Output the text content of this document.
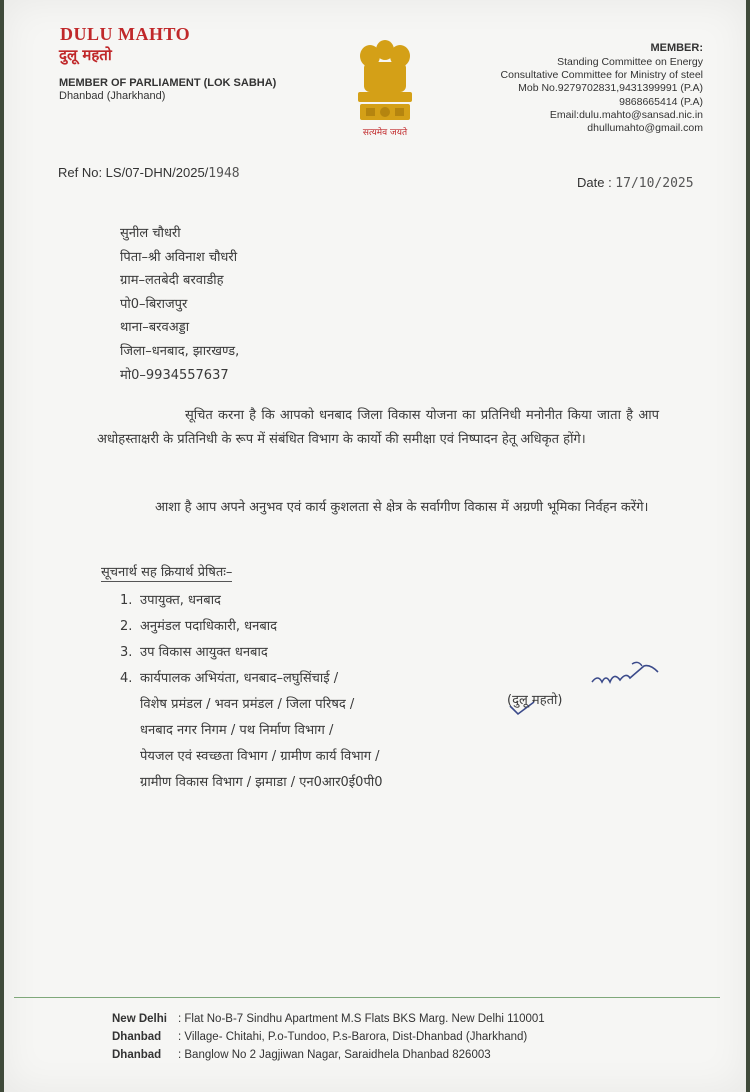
DULU MAHTO
दुलू महतो
MEMBER OF PARLIAMENT (LOK SABHA)
Dhanbad (Jharkhand)
सत्यमेव जयते
MEMBER:
Standing Committee on Energy
Consultative Committee for Ministry of steel
Mob No.9279702831,9431399991 (P.A)
9868665414 (P.A)
Email:dulu.mahto@sansad.nic.in
dhullumahto@gmail.com
Ref No: LS/07-DHN/2025/1948
Date : 17/10/2025
सुनील चौधरी
पिता–श्री अविनाश चौधरी
ग्राम–लतबेदी बरवाडीह
पो0–बिराजपुर
थाना–बरवअड्डा
जिला–धनबाद, झारखण्ड,
मो0–9934557637
सूचित करना है कि आपको धनबाद जिला विकास योजना का प्रतिनिधी मनोनीत किया जाता है आप अधोहस्ताक्षरी के प्रतिनिधी के रूप में संबंधित विभाग के कार्यो की समीक्षा एवं निष्पादन हेतू अधिकृत होंगे।
आशा है आप अपने अनुभव एवं कार्य कुशलता से क्षेत्र के सर्वागीण विकास में अग्रणी भूमिका निर्वहन करेंगे।
सूचनार्थ सह क्रियार्थ प्रेषितः–
1. उपायुक्त, धनबाद
2. अनुमंडल पदाधिकारी, धनबाद
3. उप विकास आयुक्त धनबाद
4. कार्यपालक अभियंता, धनबाद–लघुसिंचाई /
विशेष प्रमंडल / भवन प्रमंडल / जिला परिषद /
धनबाद नगर निगम / पथ निर्माण विभाग /
पेयजल एवं स्वच्छता विभाग / ग्रामीण कार्य विभाग /
ग्रामीण विकास विभाग / झमाडा / एन0आर0ई0पी0
(दुलू महतो)
New Delhi : Flat No-B-7 Sindhu Apartment M.S Flats BKS Marg. New Delhi 110001
Dhanbad : Village- Chitahi, P.o-Tundoo, P.s-Barora, Dist-Dhanbad (Jharkhand)
Dhanbad : Banglow No 2 Jagjiwan Nagar, Saraidhela Dhanbad 826003
